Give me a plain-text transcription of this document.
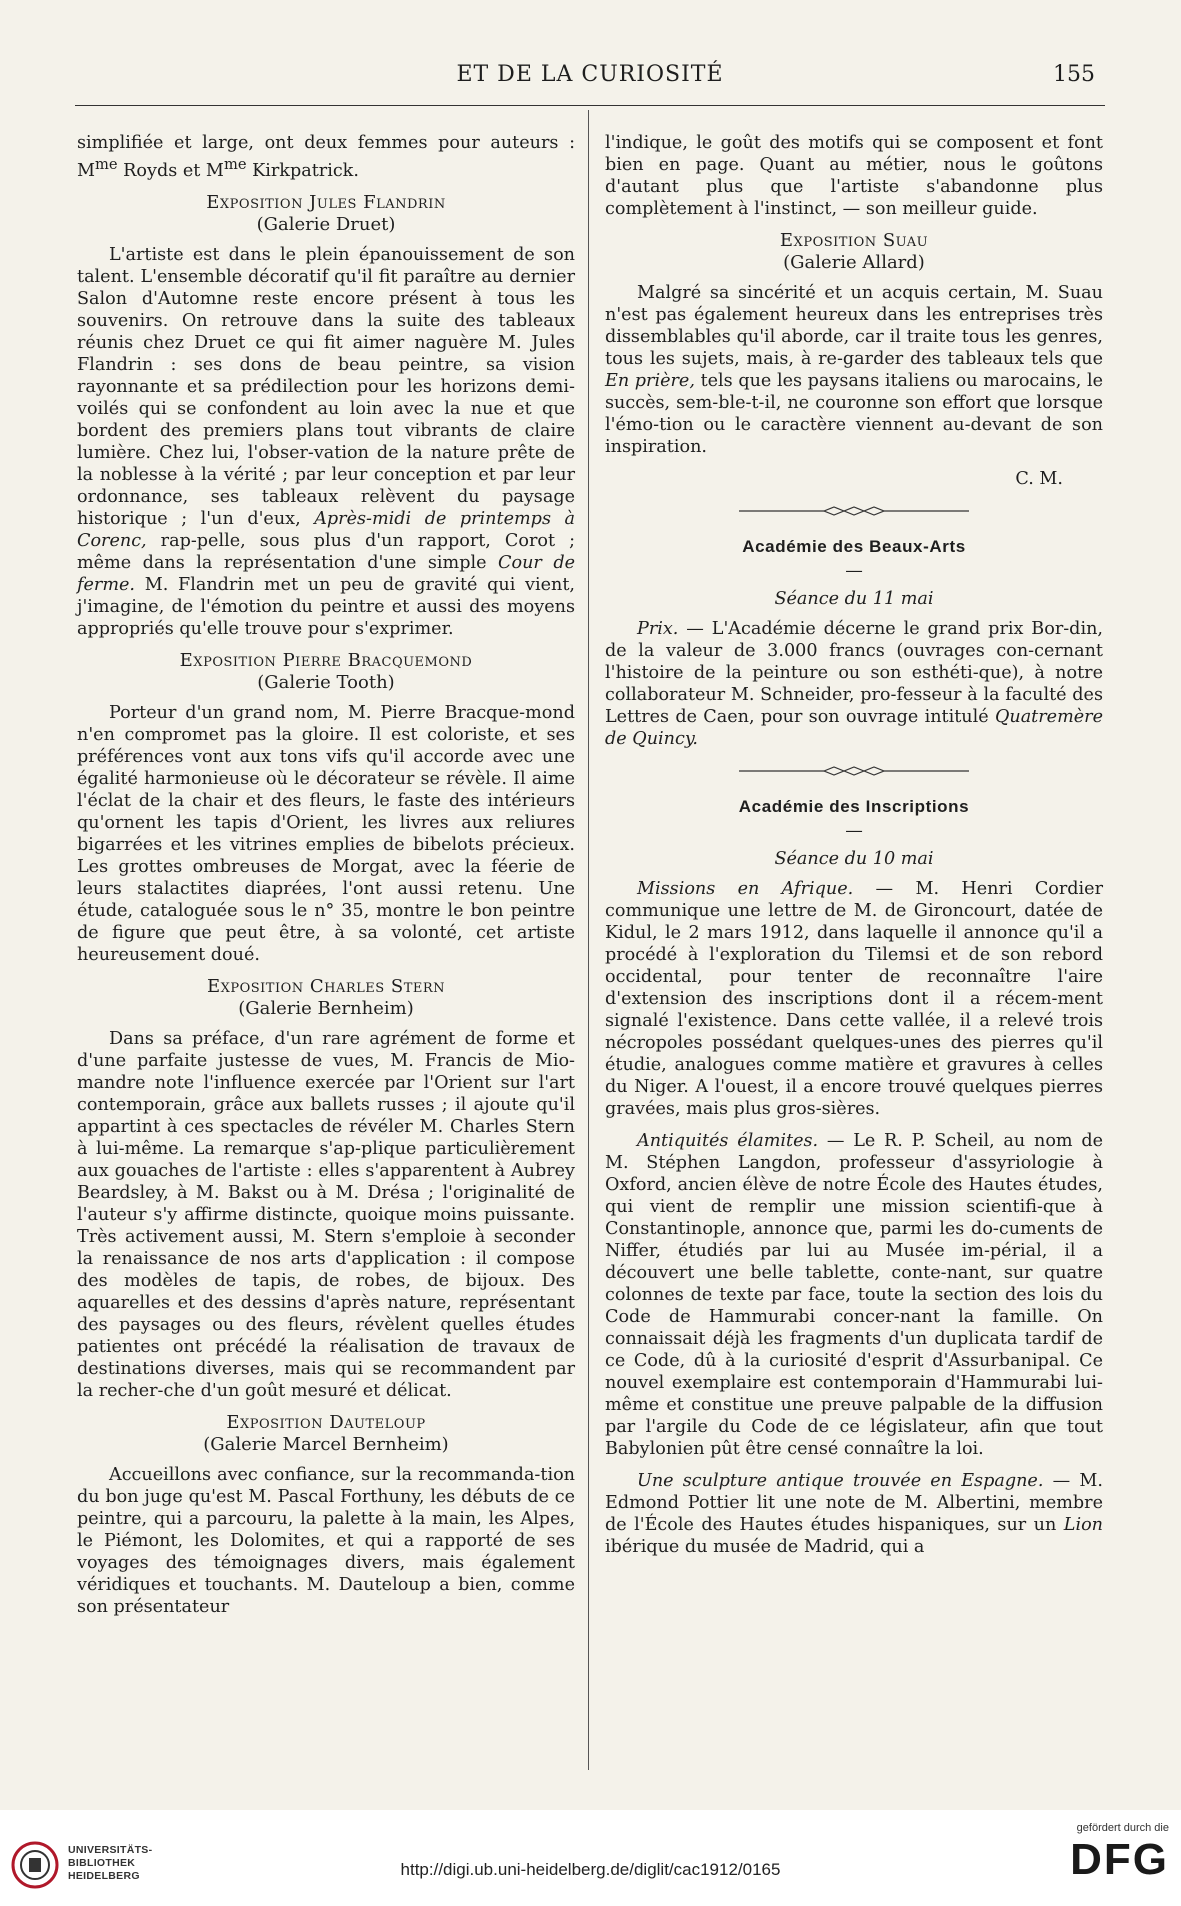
ET DE LA CURIOSITÉ	155

simplifiée et large, ont deux femmes pour auteurs : $M^{me}$ Royds et $M^{me}$ Kirkpatrick.

Exposition Jules Flandrin
(Galerie Druet)

L'artiste est dans le plein épanouissement de son talent. L'ensemble décoratif qu'il fit paraître au dernier Salon d'Automne reste encore présent à tous les souvenirs. On retrouve dans la suite des tableaux réunis chez Druet ce qui fit aimer naguère M. Jules Flandrin : ses dons de beau peintre, sa vision rayonnante et sa prédilection pour les horizons demi-voilés qui se confondent au loin avec la nue et que bordent des premiers plans tout vibrants de claire lumière. Chez lui, l'obser-vation de la nature prête de la noblesse à la vérité ; par leur conception et par leur ordonnance, ses tableaux relèvent du paysage historique ; l'un d'eux, Après-midi de printemps à Corenc, rap-pelle, sous plus d'un rapport, Corot ; même dans la représentation d'une simple Cour de ferme. M. Flandrin met un peu de gravité qui vient, j'imagine, de l'émotion du peintre et aussi des moyens appropriés qu'elle trouve pour s'exprimer.

Exposition Pierre Bracquemond
(Galerie Tooth)

Porteur d'un grand nom, M. Pierre Bracque-mond n'en compromet pas la gloire. Il est coloriste, et ses préférences vont aux tons vifs qu'il accorde avec une égalité harmonieuse où le décorateur se révèle. Il aime l'éclat de la chair et des fleurs, le faste des intérieurs qu'ornent les tapis d'Orient, les livres aux reliures bigarrées et les vitrines emplies de bibelots précieux. Les grottes ombreuses de Morgat, avec la féerie de leurs stalactites diaprées, l'ont aussi retenu. Une étude, cataloguée sous le n° 35, montre le bon peintre de figure que peut être, à sa volonté, cet artiste heureusement doué.

Exposition Charles Stern
(Galerie Bernheim)

Dans sa préface, d'un rare agrément de forme et d'une parfaite justesse de vues, M. Francis de Mio-mandre note l'influence exercée par l'Orient sur l'art contemporain, grâce aux ballets russes ; il ajoute qu'il appartint à ces spectacles de révéler M. Charles Stern à lui-même. La remarque s'ap-plique particulièrement aux gouaches de l'artiste : elles s'apparentent à Aubrey Beardsley, à M. Bakst ou à M. Drésa ; l'originalité de l'auteur s'y affirme distincte, quoique moins puissante. Très activement aussi, M. Stern s'emploie à seconder la renaissance de nos arts d'application : il compose des modèles de tapis, de robes, de bijoux. Des aquarelles et des dessins d'après nature, représentant des paysages ou des fleurs, révèlent quelles études patientes ont précédé la réalisation de travaux de destinations diverses, mais qui se recommandent par la recher-che d'un goût mesuré et délicat.

Exposition Dauteloup
(Galerie Marcel Bernheim)

Accueillons avec confiance, sur la recommanda-tion du bon juge qu'est M. Pascal Forthuny, les débuts de ce peintre, qui a parcouru, la palette à la main, les Alpes, le Piémont, les Dolomites, et qui a rapporté de ses voyages des témoignages divers, mais également véridiques et touchants. M. Dauteloup a bien, comme son présentateur

l'indique, le goût des motifs qui se composent et font bien en page. Quant au métier, nous le goûtons d'autant plus que l'artiste s'abandonne plus complètement à l'instinct, — son meilleur guide.

Exposition Suau
(Galerie Allard)

Malgré sa sincérité et un acquis certain, M. Suau n'est pas également heureux dans les entreprises très dissemblables qu'il aborde, car il traite tous les genres, tous les sujets, mais, à re-garder des tableaux tels que En prière, tels que les paysans italiens ou marocains, le succès, sem-ble-t-il, ne couronne son effort que lorsque l'émo-tion ou le caractère viennent au-devant de son inspiration.

C. M.

Académie des Beaux-Arts
—
Séance du 11 mai

Prix. — L'Académie décerne le grand prix Bor-din, de la valeur de 3.000 francs (ouvrages con-cernant l'histoire de la peinture ou son esthéti-que), à notre collaborateur M. Schneider, pro-fesseur à la faculté des Lettres de Caen, pour son ouvrage intitulé Quatremère de Quincy.

Académie des Inscriptions
—
Séance du 10 mai

Missions en Afrique. — M. Henri Cordier communique une lettre de M. de Gironcourt, datée de Kidul, le 2 mars 1912, dans laquelle il annonce qu'il a procédé à l'exploration du Tilemsi et de son rebord occidental, pour tenter de reconnaître l'aire d'extension des inscriptions dont il a récem-ment signalé l'existence. Dans cette vallée, il a relevé trois nécropoles possédant quelques-unes des pierres qu'il étudie, analogues comme matière et gravures à celles du Niger. A l'ouest, il a encore trouvé quelques pierres gravées, mais plus gros-sières.

Antiquités élamites. — Le R. P. Scheil, au nom de M. Stéphen Langdon, professeur d'assyriologie à Oxford, ancien élève de notre École des Hautes études, qui vient de remplir une mission scientifi-que à Constantinople, annonce que, parmi les do-cuments de Niffer, étudiés par lui au Musée im-périal, il a découvert une belle tablette, conte-nant, sur quatre colonnes de texte par face, toute la section des lois du Code de Hammurabi concer-nant la famille. On connaissait déjà les fragments d'un duplicata tardif de ce Code, dû à la curiosité d'esprit d'Assurbanipal. Ce nouvel exemplaire est contemporain d'Hammurabi lui-même et constitue une preuve palpable de la diffusion par l'argile du Code de ce législateur, afin que tout Babylonien pût être censé connaître la loi.

Une sculpture antique trouvée en Espagne. — M. Edmond Pottier lit une note de M. Albertini, membre de l'École des Hautes études hispaniques, sur un Lion ibérique du musée de Madrid, qui a

UNIVERSITÄTS-
BIBLIOTHEK
HEIDELBERG	http://digi.ub.uni-heidelberg.de/diglit/cac1912/0165
gefördert durch die
DFG
